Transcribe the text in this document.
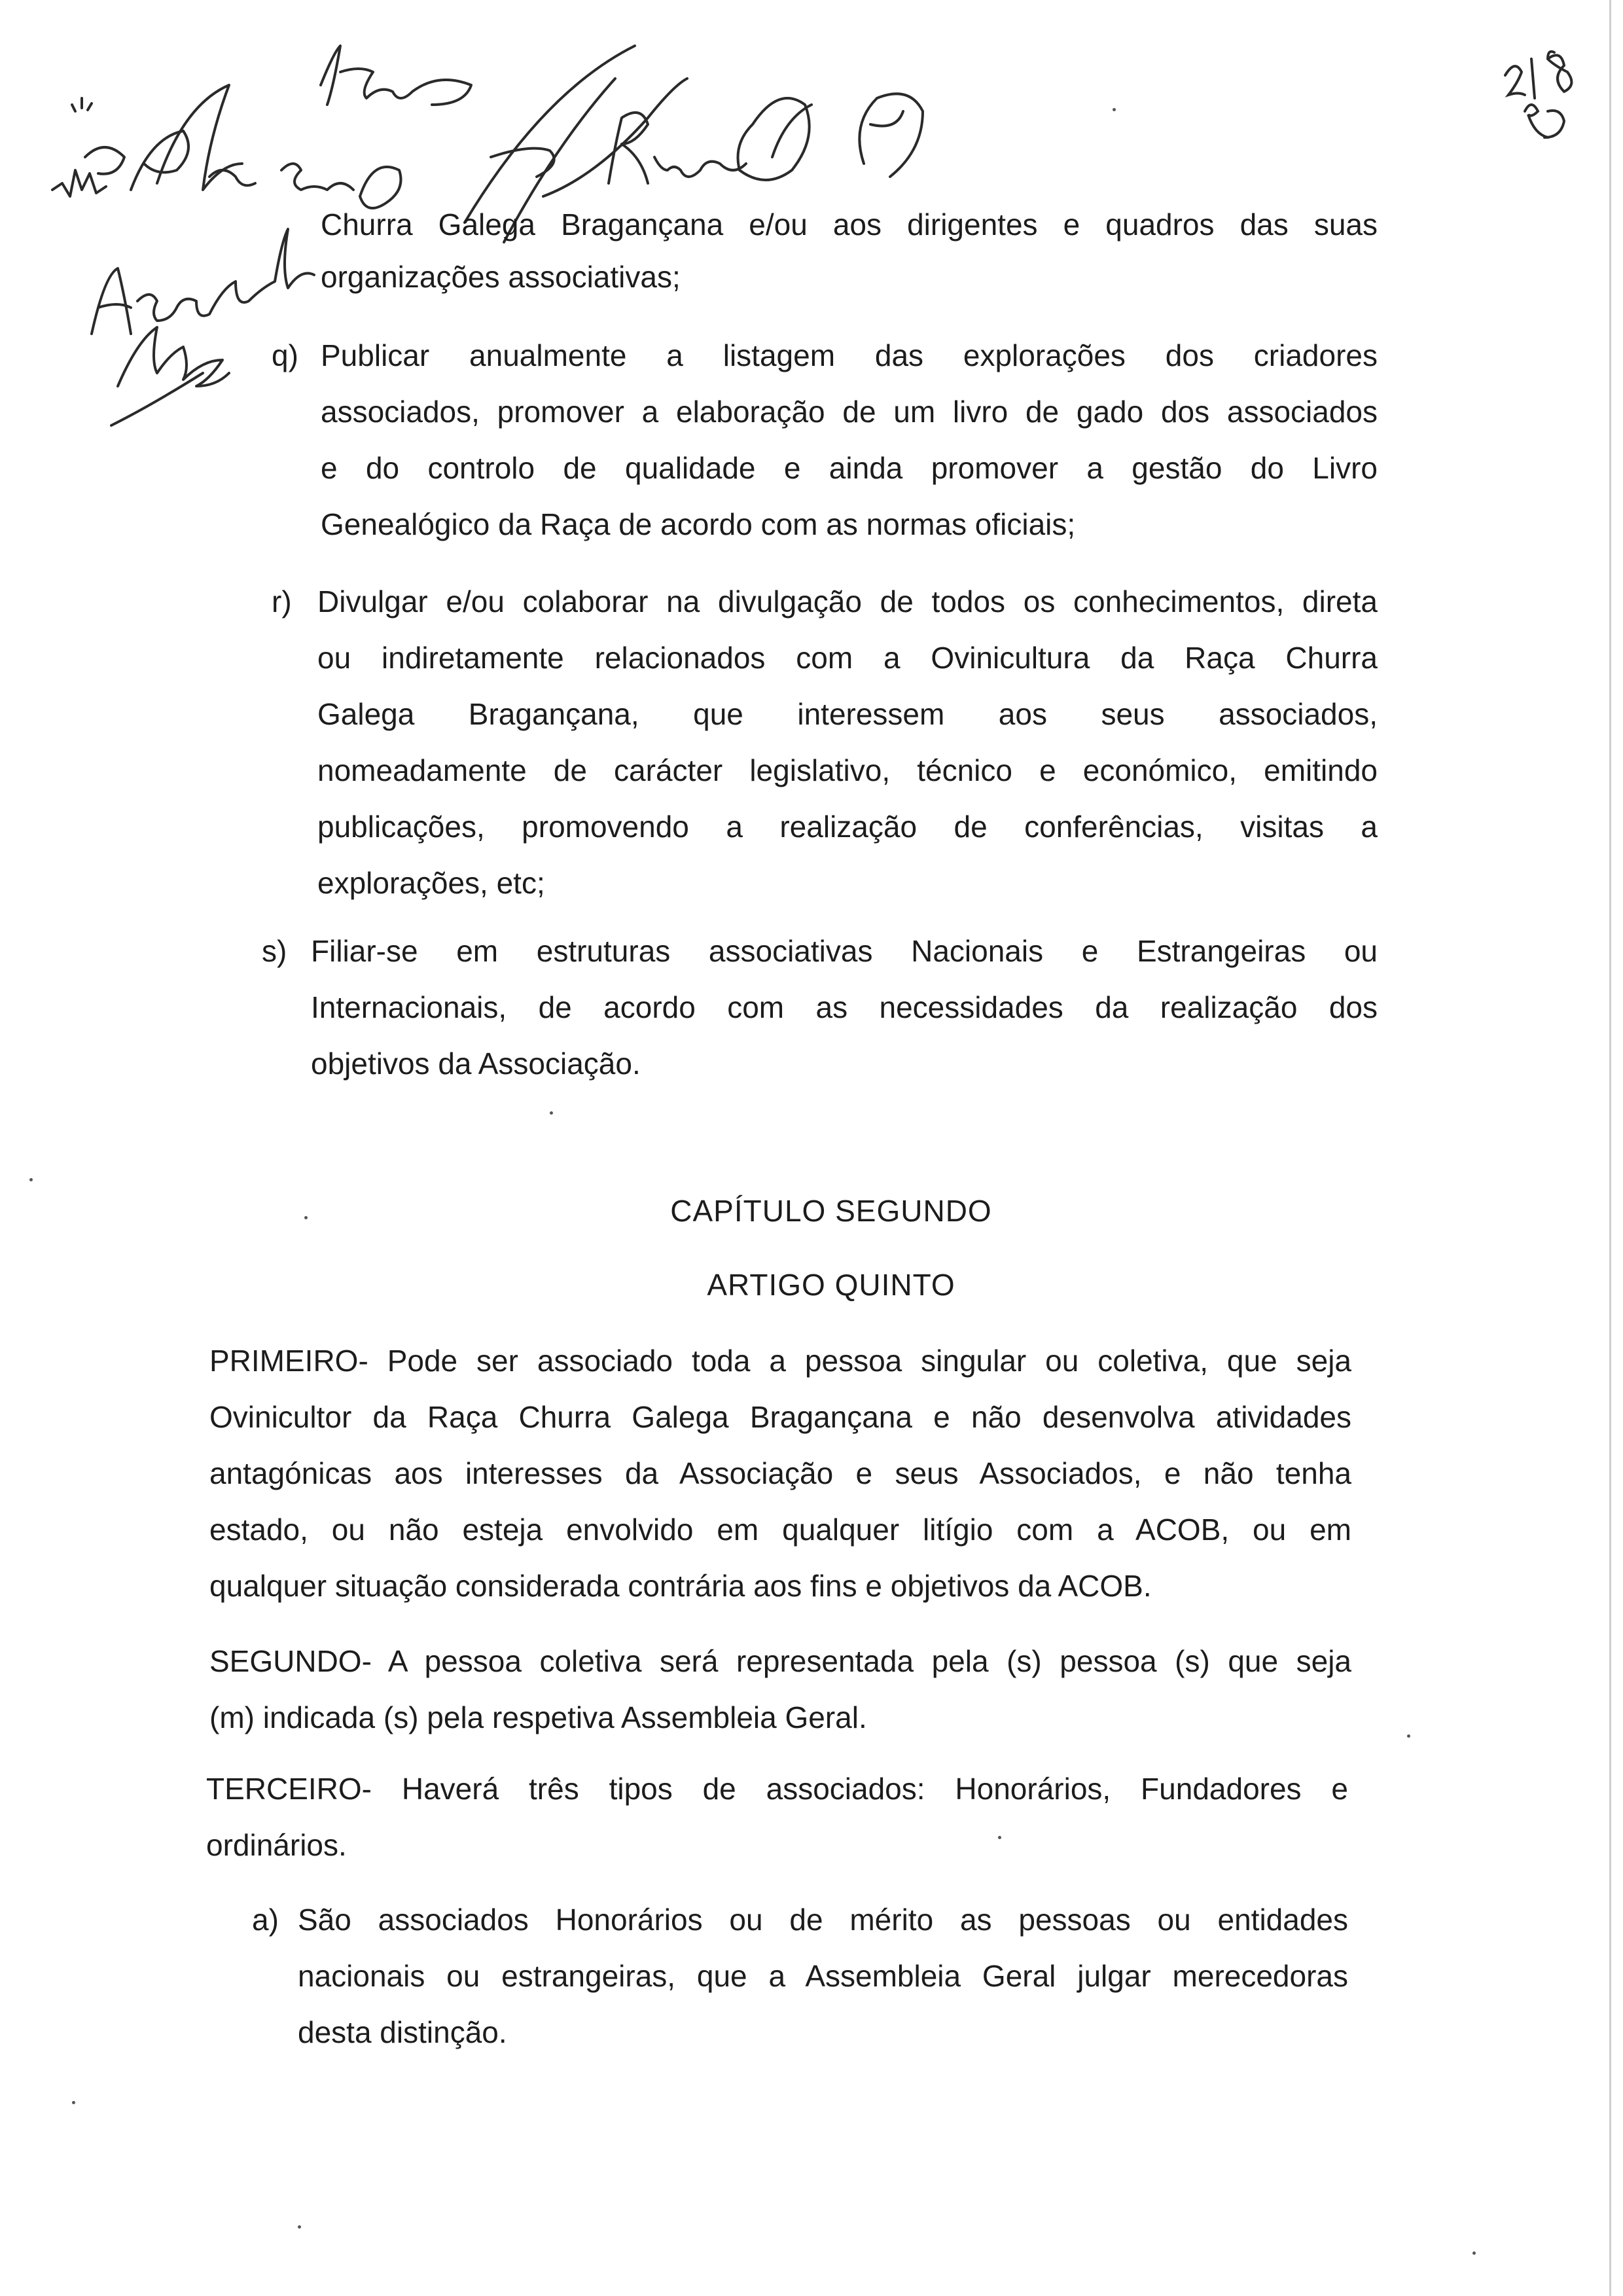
Churra Galega Bragançana e/ou aos dirigentes e quadros das suas
organizações associativas;
q) Publicar anualmente a listagem das explorações dos criadores
associados, promover a elaboração de um livro de gado dos associados
e do controlo de qualidade e ainda promover a gestão do Livro
Genealógico da Raça de acordo com as normas oficiais;
r) Divulgar e/ou colaborar na divulgação de todos os conhecimentos, direta
ou indiretamente relacionados com a Ovinicultura da Raça Churra
Galega Bragançana, que interessem aos seus associados,
nomeadamente de carácter legislativo, técnico e económico, emitindo
publicações, promovendo a realização de conferências, visitas a
explorações, etc;
s) Filiar-se em estruturas associativas Nacionais e Estrangeiras ou
Internacionais, de acordo com as necessidades da realização dos
objetivos da Associação.
CAPÍTULO SEGUNDO
ARTIGO QUINTO
PRIMEIRO- Pode ser associado toda a pessoa singular ou coletiva, que seja
Ovinicultor da Raça Churra Galega Bragançana e não desenvolva atividades
antagónicas aos interesses da Associação e seus Associados, e não tenha
estado, ou não esteja envolvido em qualquer litígio com a ACOB, ou em
qualquer situação considerada contrária aos fins e objetivos da ACOB.
SEGUNDO- A pessoa coletiva será representada pela (s) pessoa (s) que seja
(m) indicada (s) pela respetiva Assembleia Geral.
TERCEIRO- Haverá três tipos de associados: Honorários, Fundadores e
ordinários.
a) São associados Honorários ou de mérito as pessoas ou entidades
nacionais ou estrangeiras, que a Assembleia Geral julgar merecedoras
desta distinção.
